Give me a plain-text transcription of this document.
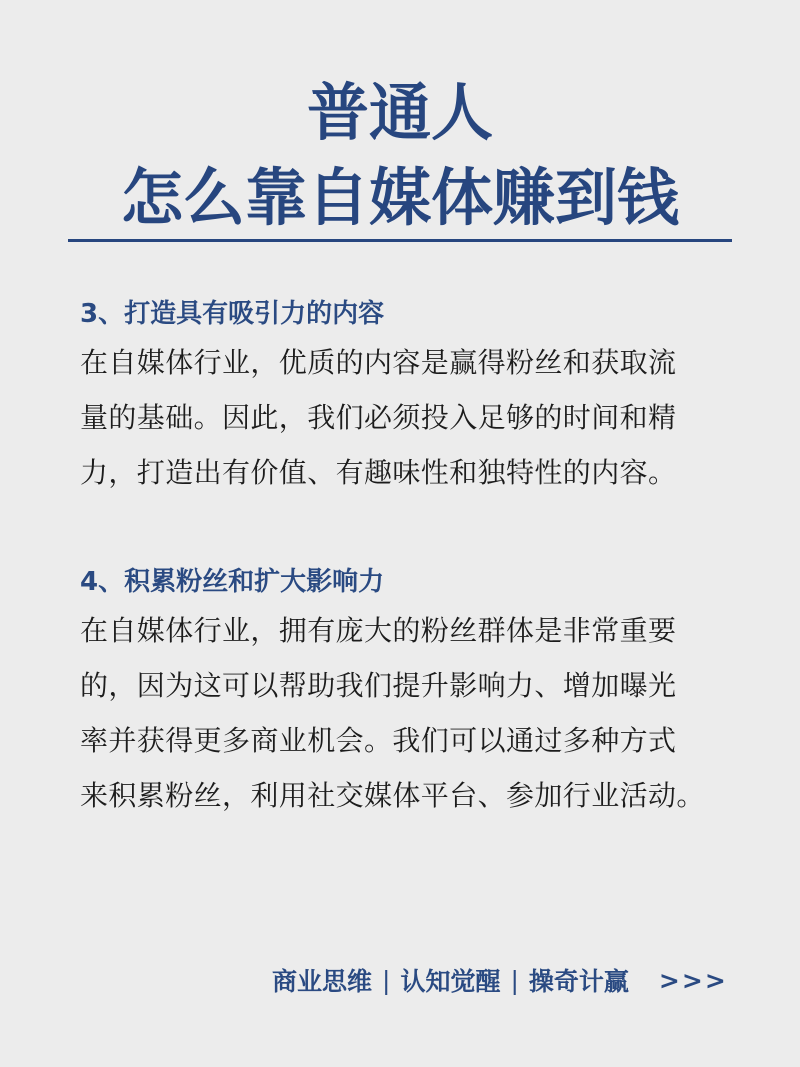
普通人
怎么靠自媒体赚到钱
3、打造具有吸引力的内容

在自媒体行业，优质的内容是赢得粉丝和获取流

量的基础。因此，我们必须投入足够的时间和精

力，打造出有价值、有趣味性和独特性的内容。

4、积累粉丝和扩大影响力

在自媒体行业，拥有庞大的粉丝群体是非常重要

的，因为这可以帮助我们提升影响力、增加曝光

率并获得更多商业机会。我们可以通过多种方式

来积累粉丝，利用社交媒体平台、参加行业活动。

商业思维 | 认知觉醒 | 操奇计赢 >>>
